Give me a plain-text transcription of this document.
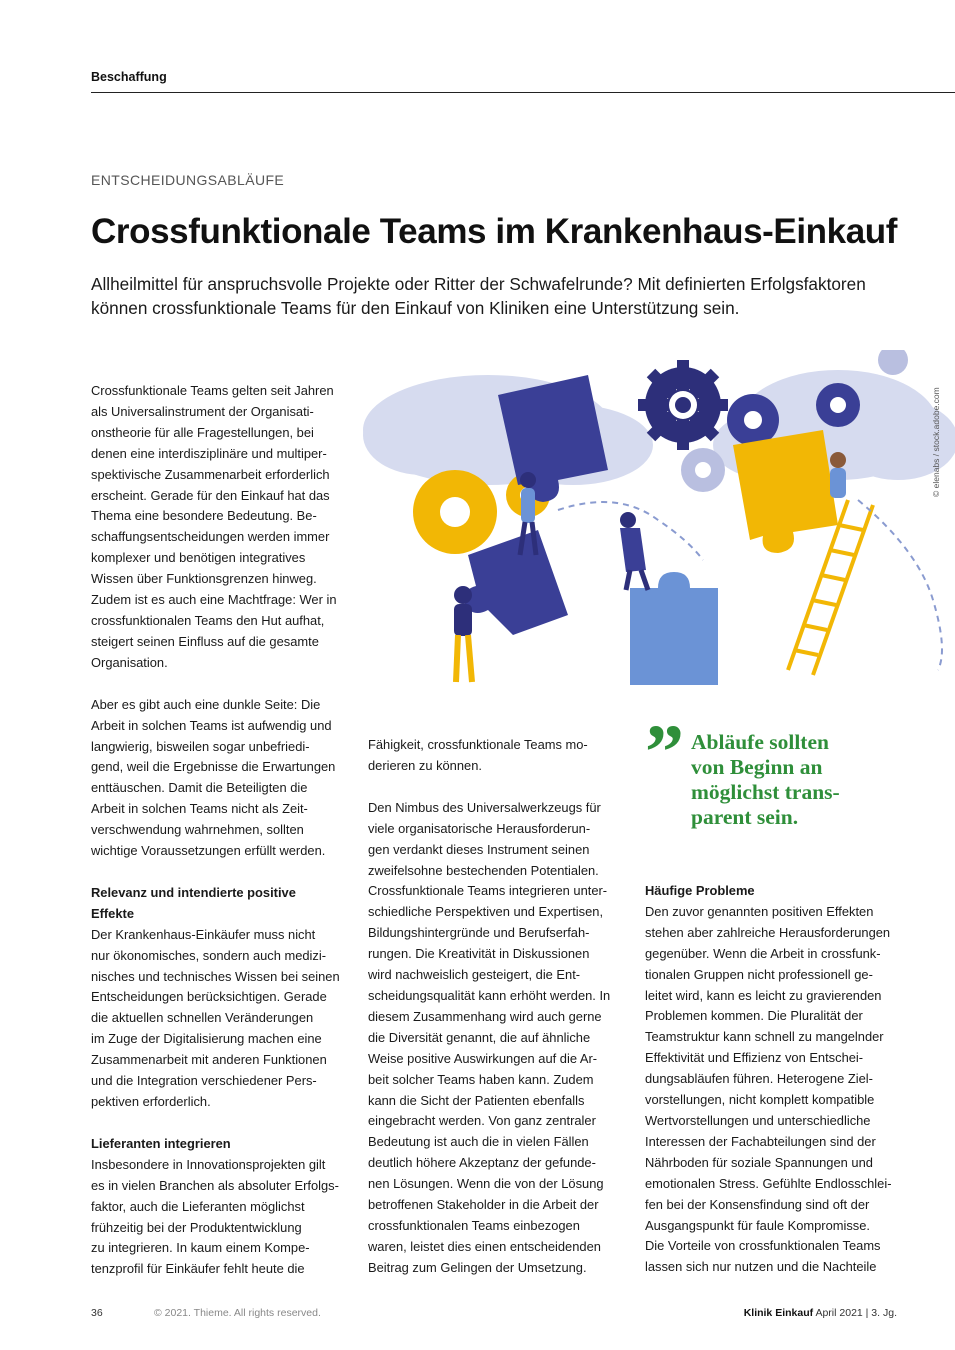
Beschaffung
ENTSCHEIDUNGSABLÄUFE
Crossfunktionale Teams im Krankenhaus-Einkauf
Allheilmittel für anspruchsvolle Projekte oder Ritter der Schwafelrunde? Mit definierten Erfolgsfaktoren
können crossfunktionale Teams für den Einkauf von Kliniken eine Unterstützung sein.
© elenabs / stock.adobe.com

Crossfunktionale Teams gelten seit Jahren
als Universalinstrument der Organisati-
onstheorie für alle Fragestellungen, bei
denen eine interdisziplinäre und multiper-
spektivische Zusammenarbeit erforderlich
erscheint. Gerade für den Einkauf hat das
Thema eine besondere Bedeutung. Be-
schaffungsentscheidungen werden immer
komplexer und benötigen integratives
Wissen über Funktionsgrenzen hinweg.
Zudem ist es auch eine Machtfrage: Wer in
crossfunktionalen Teams den Hut aufhat,
steigert seinen Einfluss auf die gesamte
Organisation.

Aber es gibt auch eine dunkle Seite: Die
Arbeit in solchen Teams ist aufwendig und
langwierig, bisweilen sogar unbefriedi-
gend, weil die Ergebnisse die Erwartungen
enttäuschen. Damit die Beteiligten die
Arbeit in solchen Teams nicht als Zeit-
verschwendung wahrnehmen, sollten
wichtige Voraussetzungen erfüllt werden.

Relevanz und intendierte positive
Effekte

Der Krankenhaus-Einkäufer muss nicht
nur ökonomisches, sondern auch medizi-
nisches und technisches Wissen bei seinen
Entscheidungen berücksichtigen. Gerade
die aktuellen schnellen Veränderungen
im Zuge der Digitalisierung machen eine
Zusammenarbeit mit anderen Funktionen
und die Integration verschiedener Pers-
pektiven erforderlich.

Lieferanten integrieren

Insbesondere in Innovationsprojekten gilt
es in vielen Branchen als absoluter Erfolgs-
faktor, auch die Lieferanten möglichst
frühzeitig bei der Produktentwicklung
zu integrieren. In kaum einem Kompe-
tenzprofil für Einkäufer fehlt heute die

Fähigkeit, crossfunktionale Teams mo-
derieren zu können.

Den Nimbus des Universalwerkzeugs für
viele organisatorische Herausforderun-
gen verdankt dieses Instrument seinen
zweifelsohne bestechenden Potentialen.
Crossfunktionale Teams integrieren unter-
schiedliche Perspektiven und Expertisen,
Bildungshintergründe und Berufserfah-
rungen. Die Kreativität in Diskussionen
wird nachweislich gesteigert, die Ent-
scheidungsqualität kann erhöht werden. In
diesem Zusammenhang wird auch gerne
die Diversität genannt, die auf ähnliche
Weise positive Auswirkungen auf die Ar-
beit solcher Teams haben kann. Zudem
kann die Sicht der Patienten ebenfalls
eingebracht werden. Von ganz zentraler
Bedeutung ist auch die in vielen Fällen
deutlich höhere Akzeptanz der gefunde-
nen Lösungen. Wenn die von der Lösung
betroffenen Stakeholder in die Arbeit der
crossfunktionalen Teams einbezogen
waren, leistet dies einen entscheidenden
Beitrag zum Gelingen der Umsetzung.

” Abläufe sollten
von Beginn an
möglichst trans-
parent sein.

Häufige Probleme

Den zuvor genannten positiven Effekten
stehen aber zahlreiche Herausforderungen
gegenüber. Wenn die Arbeit in crossfunk-
tionalen Gruppen nicht professionell ge-
leitet wird, kann es leicht zu gravierenden
Problemen kommen. Die Pluralität der
Teamstruktur kann schnell zu mangelnder
Effektivität und Effizienz von Entschei-
dungsabläufen führen. Heterogene Ziel-
vorstellungen, nicht komplett kompatible
Wertvorstellungen und unterschiedliche
Interessen der Fachabteilungen sind der
Nährboden für soziale Spannungen und
emotionalen Stress. Gefühlte Endlosschlei-
fen bei der Konsensfindung sind oft der
Ausgangspunkt für faule Kompromisse.
Die Vorteile von crossfunktionalen Teams
lassen sich nur nutzen und die Nachteile

36	© 2021. Thieme. All rights reserved.	Klinik Einkauf April 2021 | 3. Jg.
